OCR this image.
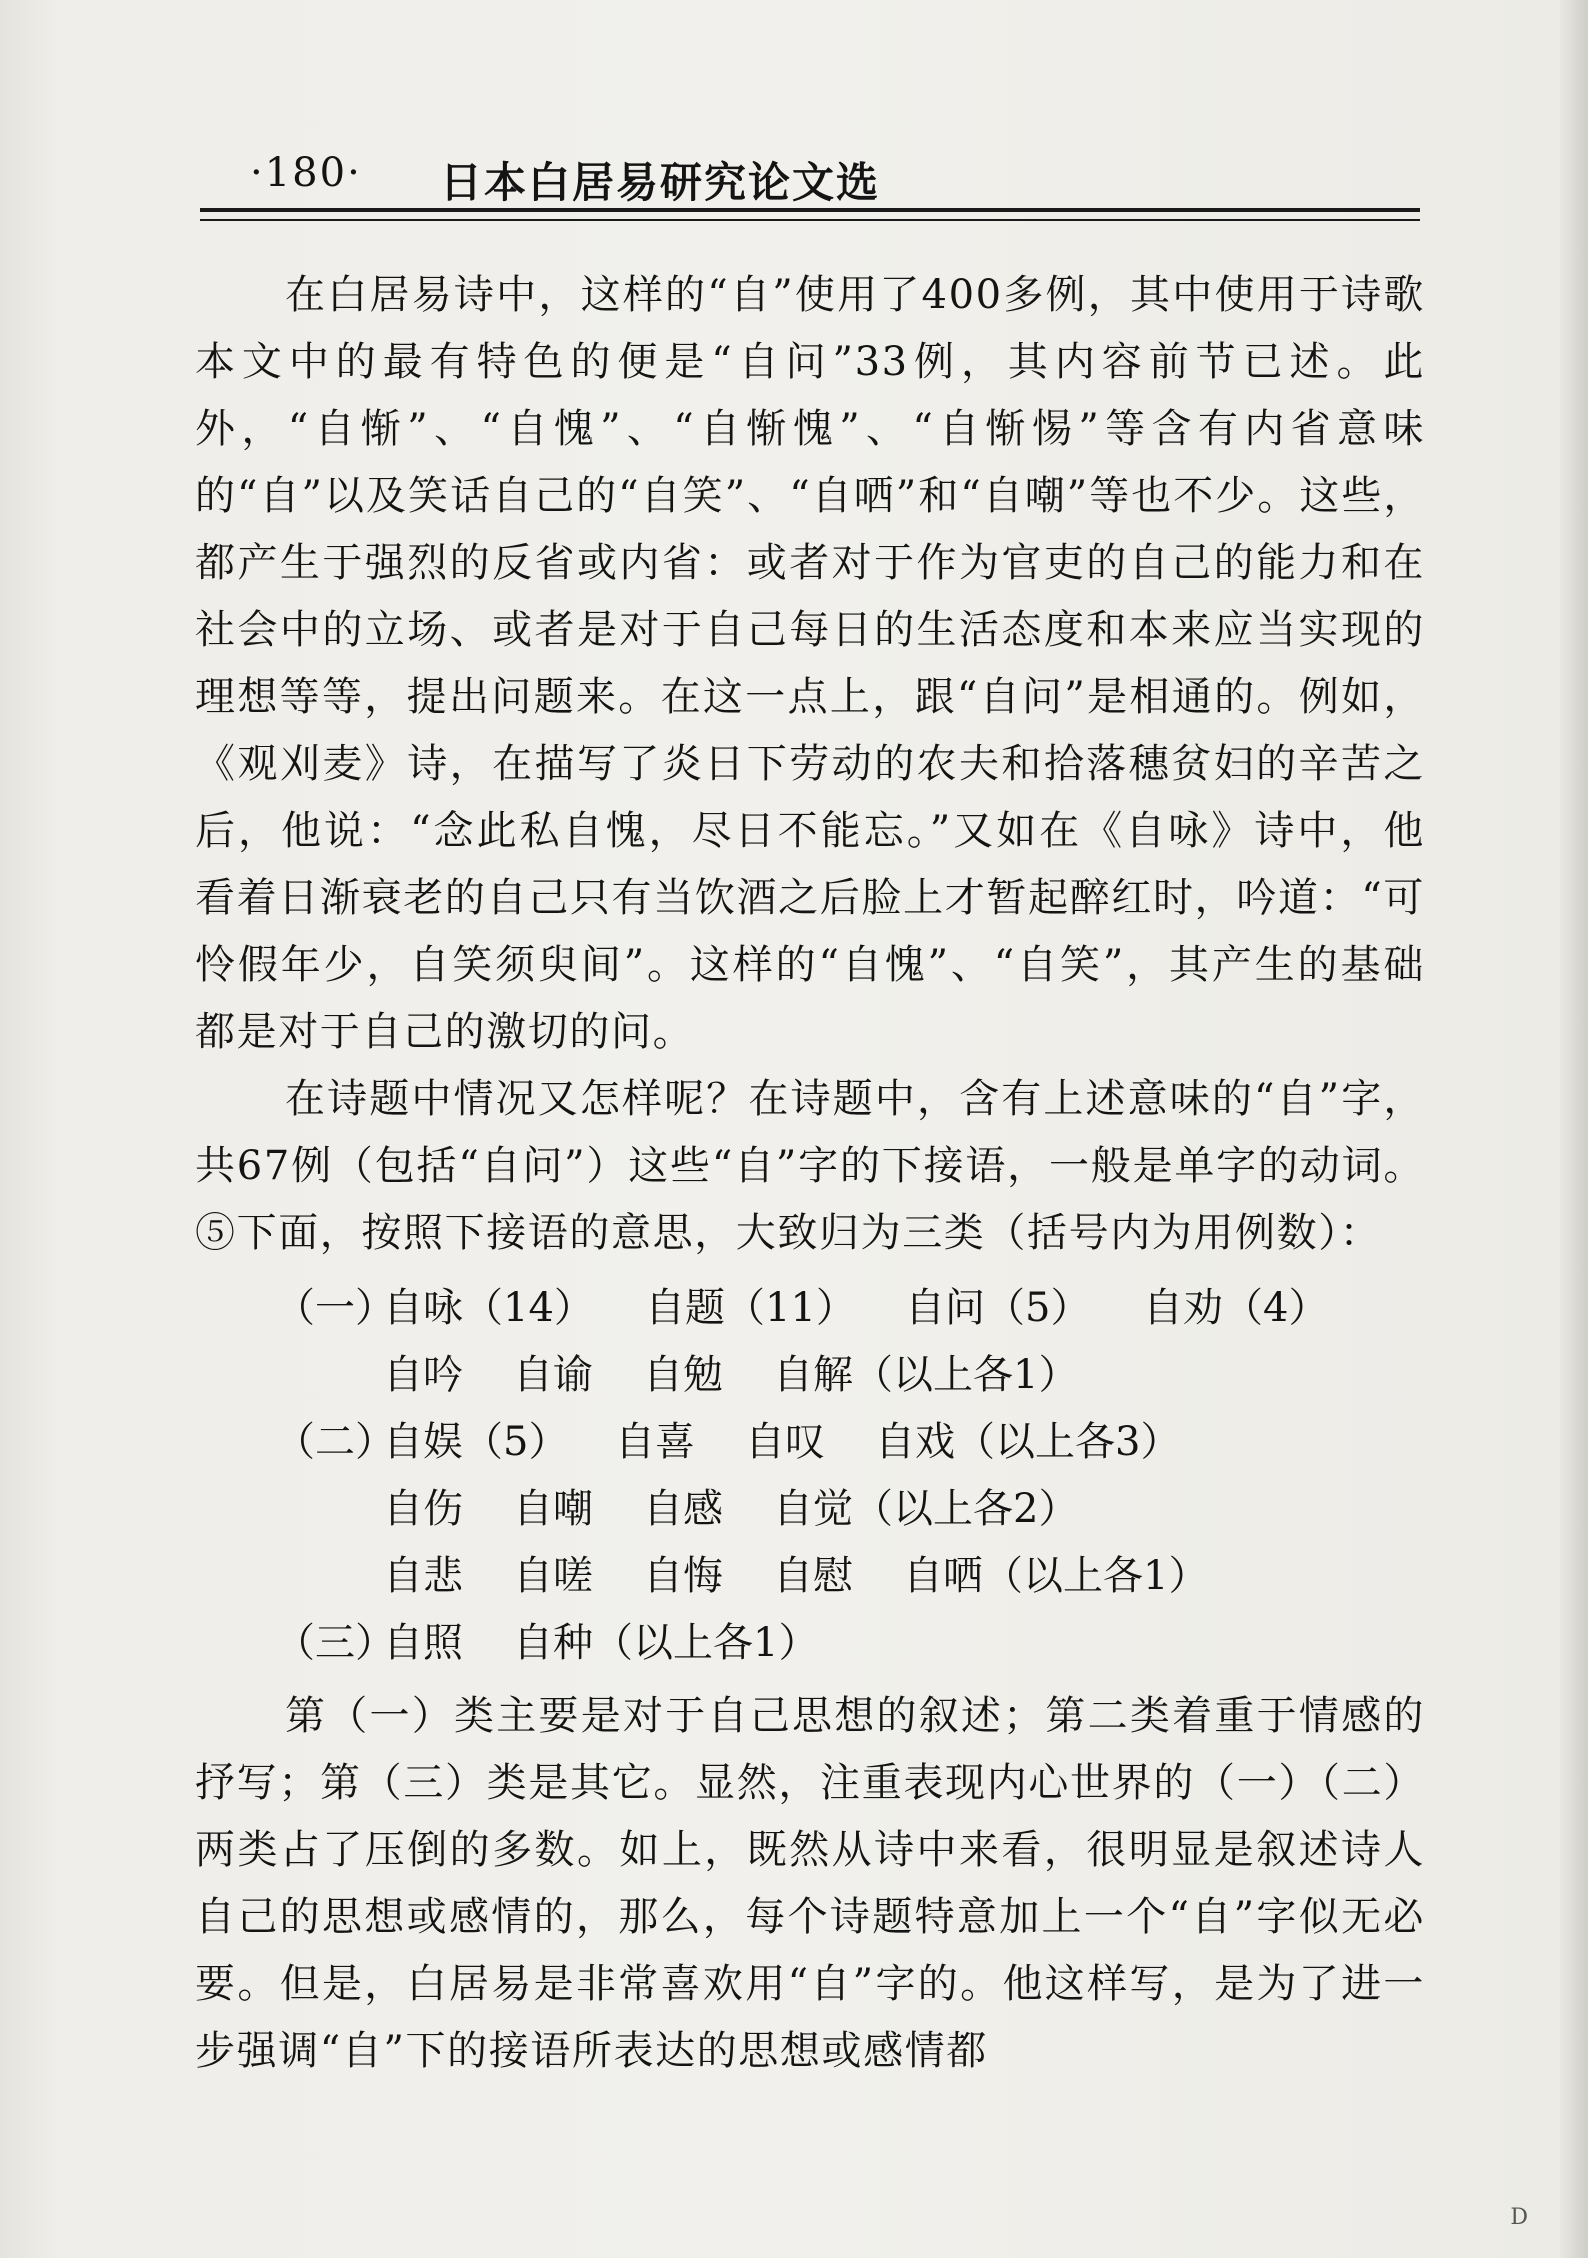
·180· 日本白居易研究论文选

在白居易诗中，这样的“自”使用了400多例，其中使用于诗歌本文中的最有特色的便是“自问”33例，其内容前节已述。此外，“自惭”、“自愧”、“自惭愧”、“自惭惕”等含有内省意味的“自”以及笑话自己的“自笑”、“自哂”和“自嘲”等也不少。这些，都产生于强烈的反省或内省：或者对于作为官吏的自己的能力和在社会中的立场、或者是对于自己每日的生活态度和本来应当实现的理想等等，提出问题来。在这一点上，跟“自问”是相通的。例如，《观刈麦》诗，在描写了炎日下劳动的农夫和拾落穗贫妇的辛苦之后，他说：“念此私自愧，尽日不能忘。”又如在《自咏》诗中，他看着日渐衰老的自己只有当饮酒之后脸上才暂起醉红时，吟道：“可怜假年少，自笑须臾间”。这样的“自愧”、“自笑”，其产生的基础都是对于自己的激切的问。

在诗题中情况又怎样呢？在诗题中，含有上述意味的“自”字，共67例（包括“自问”）这些“自”字的下接语，一般是单字的动词。⑤下面，按照下接语的意思，大致归为三类（括号内为用例数）：

（一）
自咏（14） 自题（11） 自问（5） 自劝（4）
自吟 自谕 自勉 自解（以上各1）
（二）
自娱（5） 自喜 自叹 自戏（以上各3）
自伤 自嘲 自感 自觉（以上各2）
自悲 自嗟 自悔 自慰 自哂（以上各1）
（三）
自照 自种（以上各1）

第（一）类主要是对于自己思想的叙述；第二类着重于情感的抒写；第（三）类是其它。显然，注重表现内心世界的（一）（二）两类占了压倒的多数。如上，既然从诗中来看，很明显是叙述诗人自己的思想或感情的，那么，每个诗题特意加上一个“自”字似无必要。但是，白居易是非常喜欢用“自”字的。他这样写，是为了进一步强调“自”下的接语所表达的思想或感情都

D
